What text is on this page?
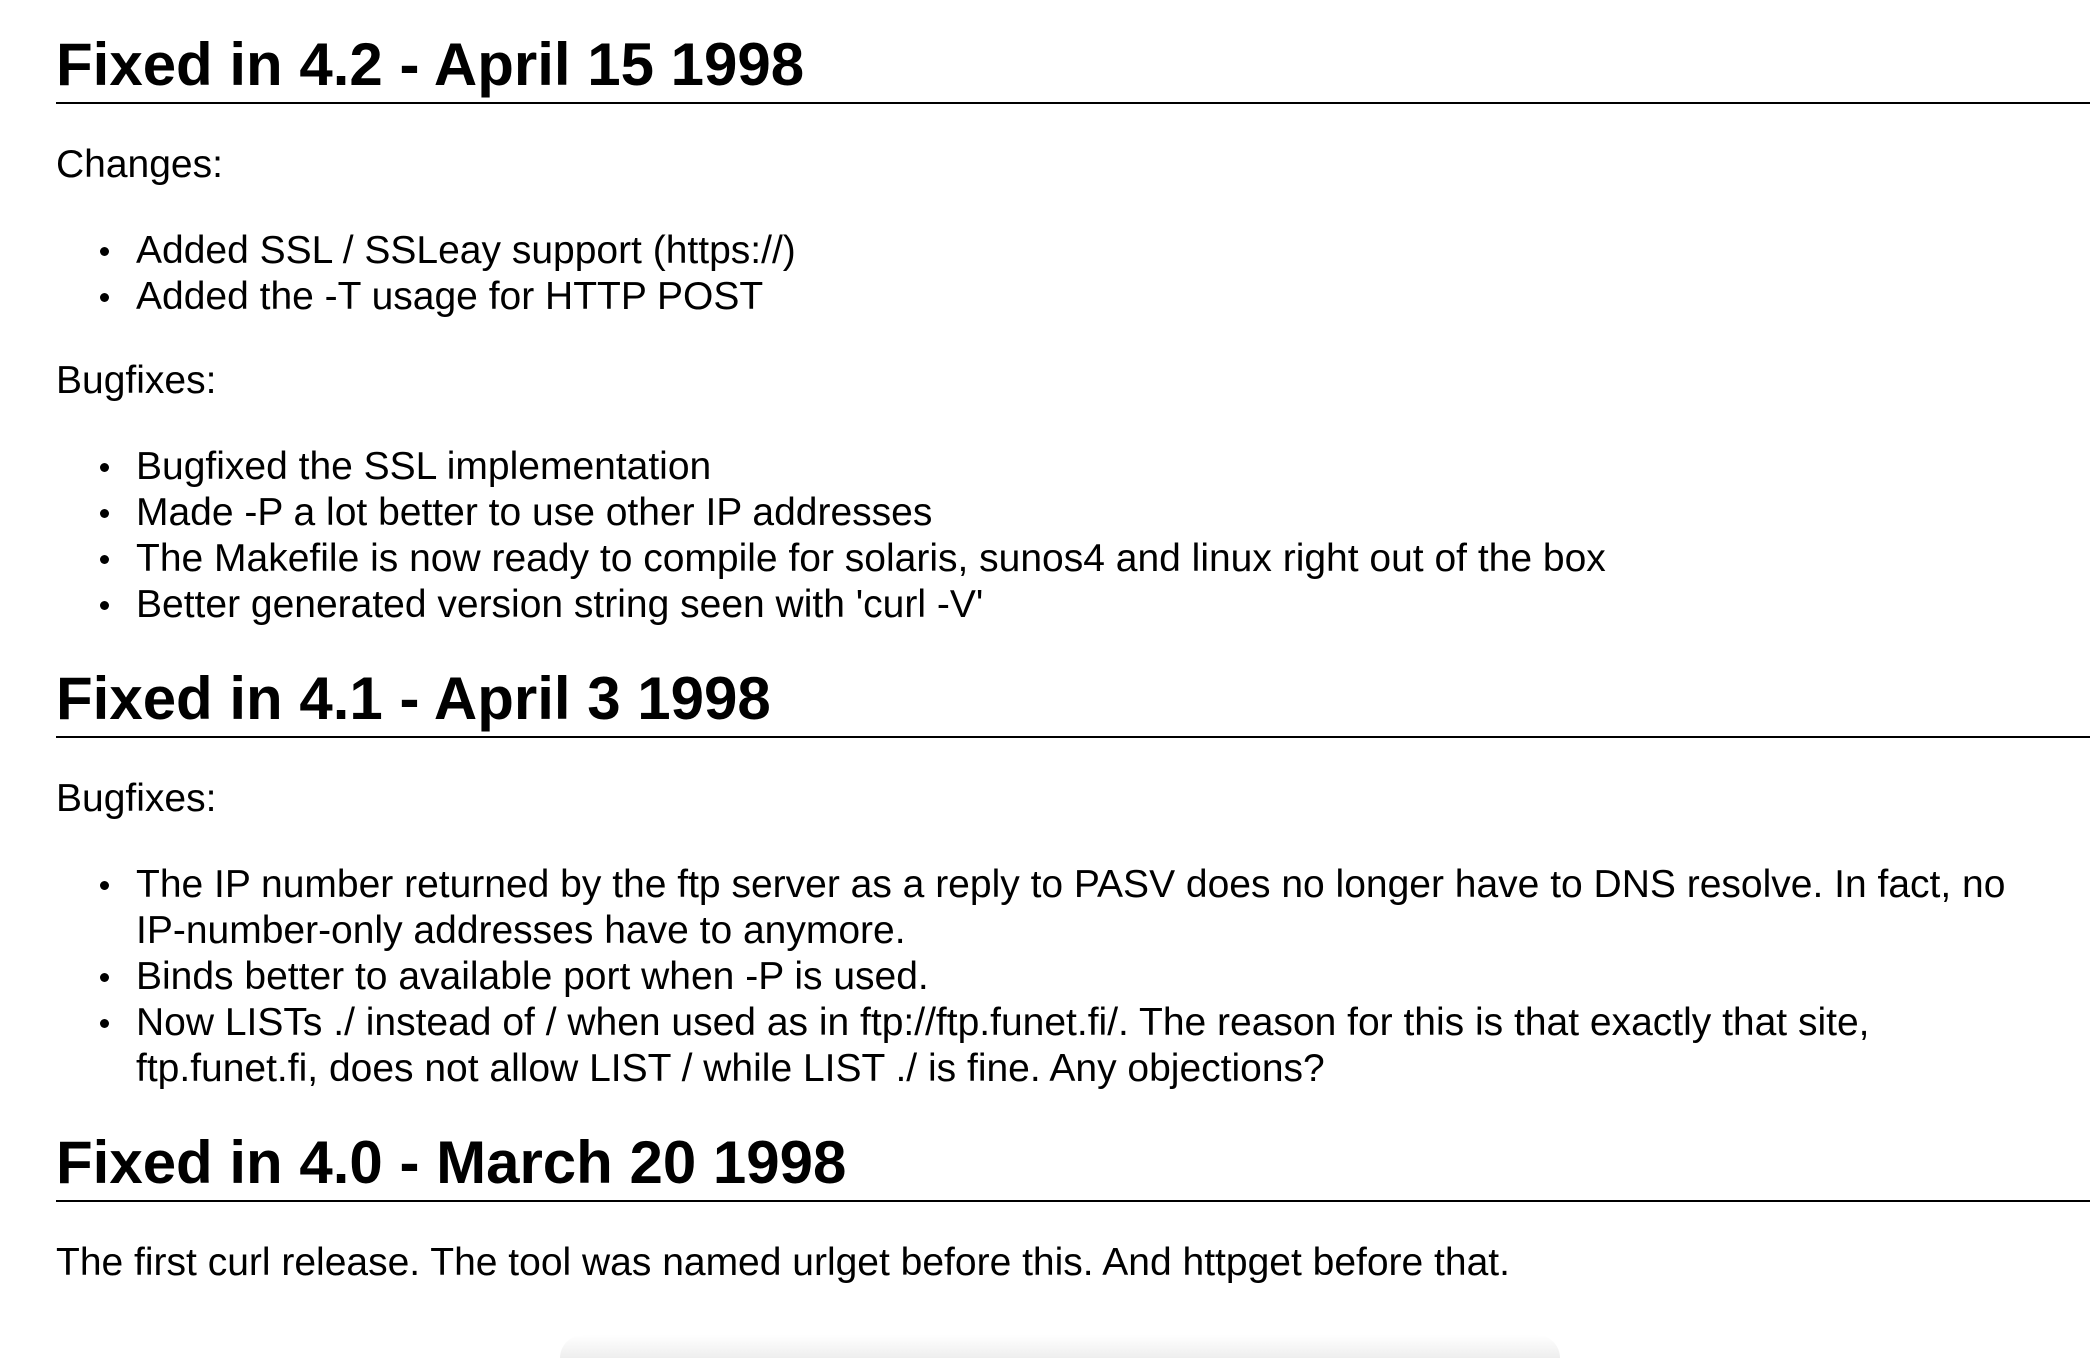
Fixed in 4.2 - April 15 1998

Changes:

Added SSL / SSLeay support (https://)
Added the -T usage for HTTP POST

Bugfixes:

Bugfixed the SSL implementation
Made -P a lot better to use other IP addresses
The Makefile is now ready to compile for solaris, sunos4 and linux right out of the box
Better generated version string seen with 'curl -V'
Fixed in 4.1 - April 3 1998

Bugfixes:

The IP number returned by the ftp server as a reply to PASV does no longer have to DNS resolve. In fact, no
IP-number-only addresses have to anymore.
Binds better to available port when -P is used.
Now LISTs ./ instead of / when used as in ftp://ftp.funet.fi/. The reason for this is that exactly that site,
ftp.funet.fi, does not allow LIST / while LIST ./ is fine. Any objections?
Fixed in 4.0 - March 20 1998

The first curl release. The tool was named urlget before this. And httpget before that.
